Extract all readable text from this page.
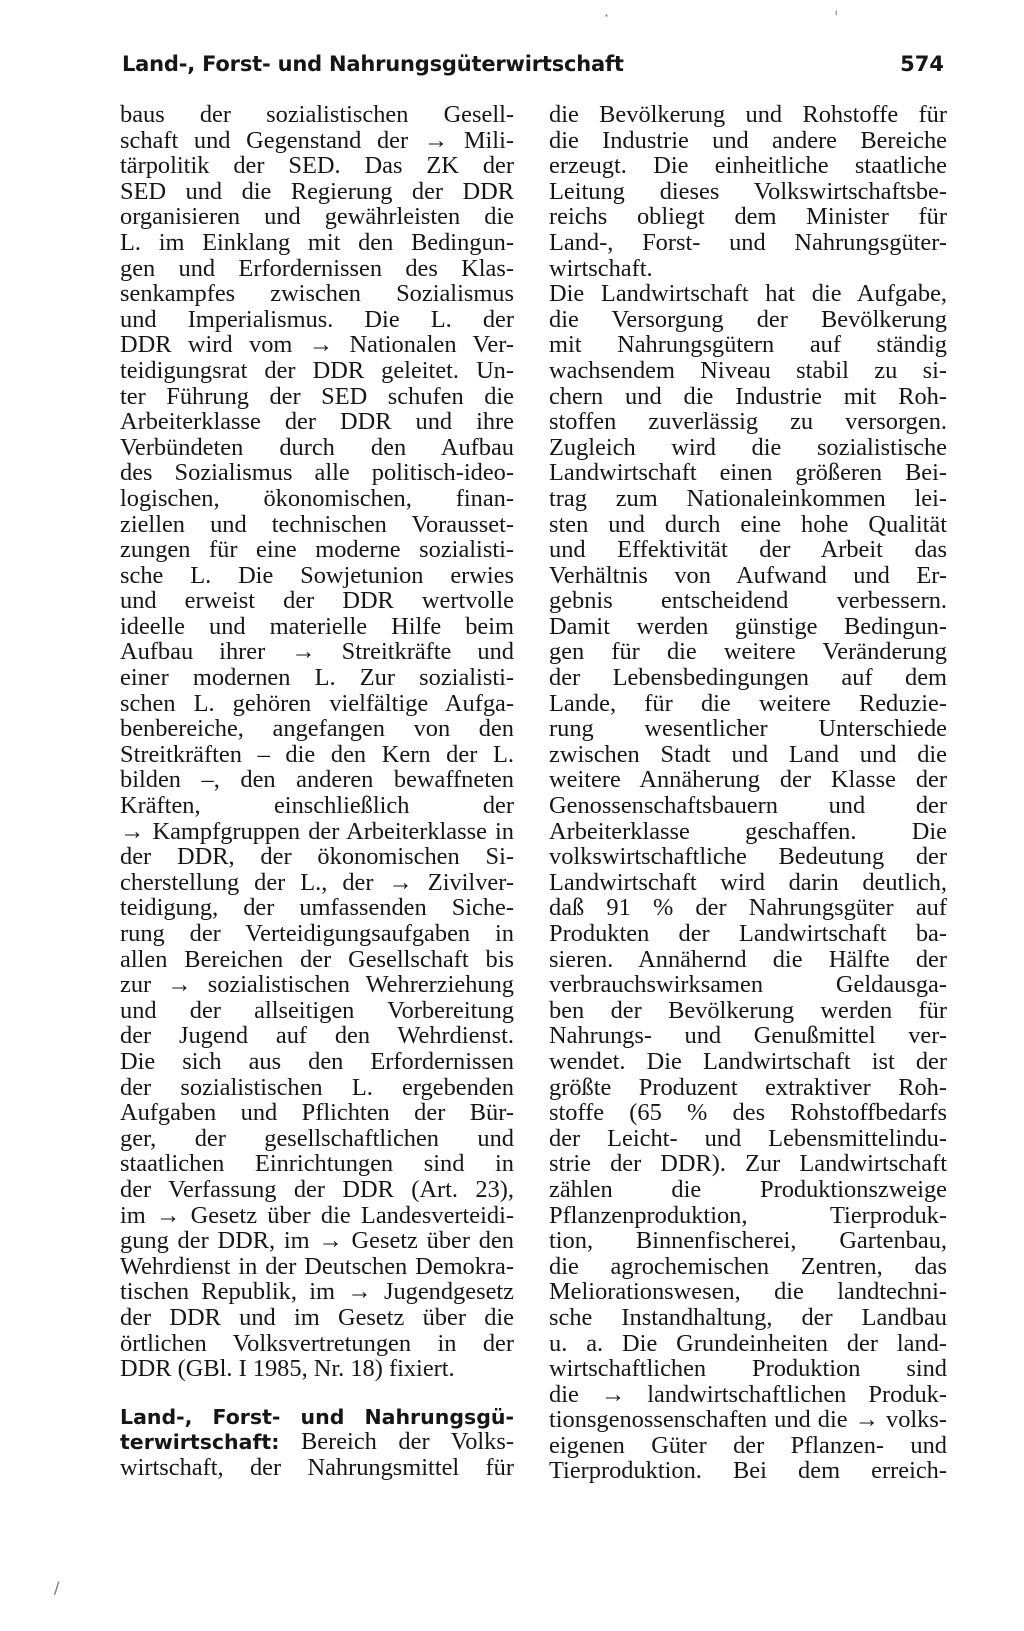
Land-, Forst- und Nahrungsgüterwirtschaft	574
baus der sozialistischen Gesell-
schaft und Gegenstand der → Mili-
tärpolitik der SED. Das ZK der
SED und die Regierung der DDR
organisieren und gewährleisten die
L. im Einklang mit den Bedingun-
gen und Erfordernissen des Klas-
senkampfes zwischen Sozialismus
und Imperialismus. Die L. der
DDR wird vom → Nationalen Ver-
teidigungsrat der DDR geleitet. Un-
ter Führung der SED schufen die
Arbeiterklasse der DDR und ihre
Verbündeten durch den Aufbau
des Sozialismus alle politisch-ideo-
logischen, ökonomischen, finan-
ziellen und technischen Vorausset-
zungen für eine moderne sozialisti-
sche L. Die Sowjetunion erwies
und erweist der DDR wertvolle
ideelle und materielle Hilfe beim
Aufbau ihrer → Streitkräfte und
einer modernen L. Zur sozialisti-
schen L. gehören vielfältige Aufga-
benbereiche, angefangen von den
Streitkräften – die den Kern der L.
bilden –, den anderen bewaffneten
Kräften, einschließlich der
→ Kampfgruppen der Arbeiterklasse in
der DDR, der ökonomischen Si-
cherstellung der L., der → Zivilver-
teidigung, der umfassenden Siche-
rung der Verteidigungsaufgaben in
allen Bereichen der Gesellschaft bis
zur → sozialistischen Wehrerziehung
und der allseitigen Vorbereitung
der Jugend auf den Wehrdienst.
Die sich aus den Erfordernissen
der sozialistischen L. ergebenden
Aufgaben und Pflichten der Bür-
ger, der gesellschaftlichen und
staatlichen Einrichtungen sind in
der Verfassung der DDR (Art. 23),
im → Gesetz über die Landesverteidi-
gung der DDR, im → Gesetz über den
Wehrdienst in der Deutschen Demokra-
tischen Republik, im → Jugendgesetz
der DDR und im Gesetz über die
örtlichen Volksvertretungen in der
DDR (GBl. I 1985, Nr. 18) fixiert.
Land-, Forst- und Nahrungsgü-
terwirtschaft: Bereich der Volks-
wirtschaft, der Nahrungsmittel für
die Bevölkerung und Rohstoffe für
die Industrie und andere Bereiche
erzeugt. Die einheitliche staatliche
Leitung dieses Volkswirtschaftsbe-
reichs obliegt dem Minister für
Land-, Forst- und Nahrungsgüter-
wirtschaft.
Die Landwirtschaft hat die Aufgabe,
die Versorgung der Bevölkerung
mit Nahrungsgütern auf ständig
wachsendem Niveau stabil zu si-
chern und die Industrie mit Roh-
stoffen zuverlässig zu versorgen.
Zugleich wird die sozialistische
Landwirtschaft einen größeren Bei-
trag zum Nationaleinkommen lei-
sten und durch eine hohe Qualität
und Effektivität der Arbeit das
Verhältnis von Aufwand und Er-
gebnis entscheidend verbessern.
Damit werden günstige Bedingun-
gen für die weitere Veränderung
der Lebensbedingungen auf dem
Lande, für die weitere Reduzie-
rung wesentlicher Unterschiede
zwischen Stadt und Land und die
weitere Annäherung der Klasse der
Genossenschaftsbauern und der
Arbeiterklasse geschaffen. Die
volkswirtschaftliche Bedeutung der
Landwirtschaft wird darin deutlich,
daß 91 % der Nahrungsgüter auf
Produkten der Landwirtschaft ba-
sieren. Annähernd die Hälfte der
verbrauchswirksamen Geldausga-
ben der Bevölkerung werden für
Nahrungs- und Genußmittel ver-
wendet. Die Landwirtschaft ist der
größte Produzent extraktiver Roh-
stoffe (65 % des Rohstoffbedarfs
der Leicht- und Lebensmittelindu-
strie der DDR). Zur Landwirtschaft
zählen die Produktionszweige
Pflanzenproduktion, Tierproduk-
tion, Binnenfischerei, Gartenbau,
die agrochemischen Zentren, das
Meliorationswesen, die landtechni-
sche Instandhaltung, der Landbau
u. a. Die Grundeinheiten der land-
wirtschaftlichen Produktion sind
die → landwirtschaftlichen Produk-
tionsgenossenschaften und die → volks-
eigenen Güter der Pflanzen- und
Tierproduktion. Bei dem erreich-
·	ˈ
/
